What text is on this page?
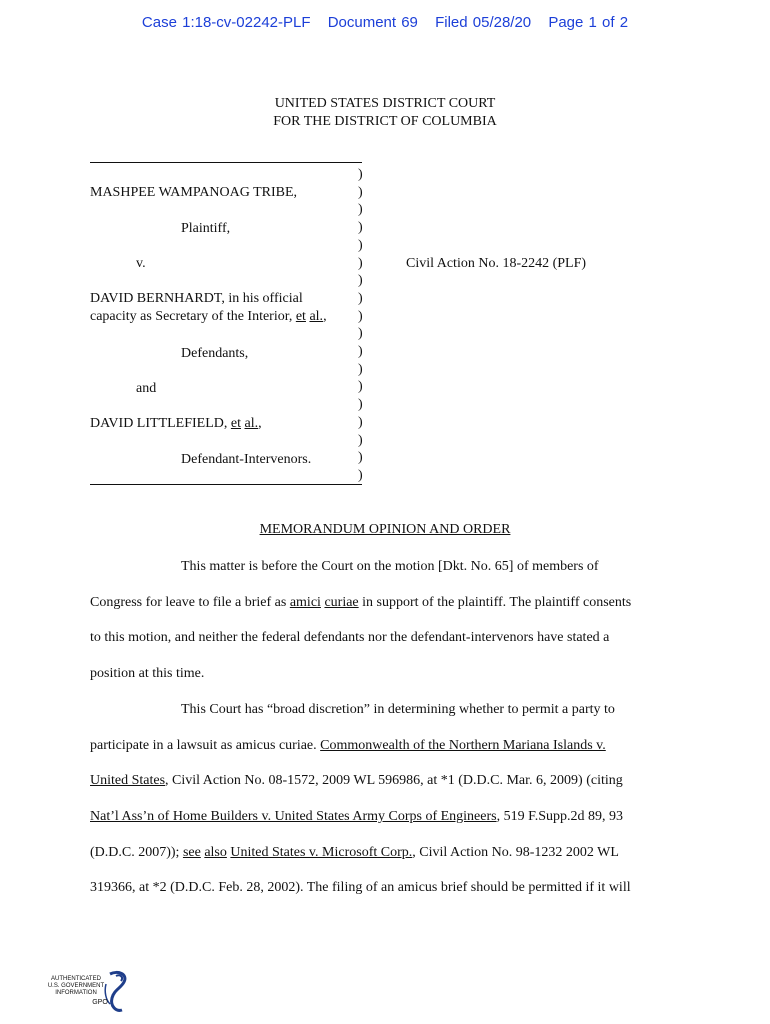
Case 1:18-cv-02242-PLF Document 69 Filed 05/28/20 Page 1 of 2
UNITED STATES DISTRICT COURT
FOR THE DISTRICT OF COLUMBIA
)
)
)
)
)
)
)
)
)
)
)
)
)
)
)
)
)
)
MASHPEE WAMPANOAG TRIBE,
Plaintiff,
v.	Civil Action No. 18-2242 (PLF)
DAVID BERNHARDT, in his official
capacity as Secretary of the Interior, et al.,
Defendants,
and
DAVID LITTLEFIELD, et al.,
Defendant-Intervenors.
MEMORANDUM OPINION AND ORDER
This matter is before the Court on the motion [Dkt. No. 65] of members of
Congress for leave to file a brief as amici curiae in support of the plaintiff. The plaintiff consents
to this motion, and neither the federal defendants nor the defendant-intervenors have stated a
position at this time.
This Court has “broad discretion” in determining whether to permit a party to
participate in a lawsuit as amicus curiae. Commonwealth of the Northern Mariana Islands v.
United States, Civil Action No. 08-1572, 2009 WL 596986, at *1 (D.D.C. Mar. 6, 2009) (citing
Nat’l Ass’n of Home Builders v. United States Army Corps of Engineers, 519 F.Supp.2d 89, 93
(D.D.C. 2007)); see also United States v. Microsoft Corp., Civil Action No. 98-1232 2002 WL
319366, at *2 (D.D.C. Feb. 28, 2002). The filing of an amicus brief should be permitted if it will
AUTHENTICATED
U.S. GOVERNMENT
INFORMATION
GPO
